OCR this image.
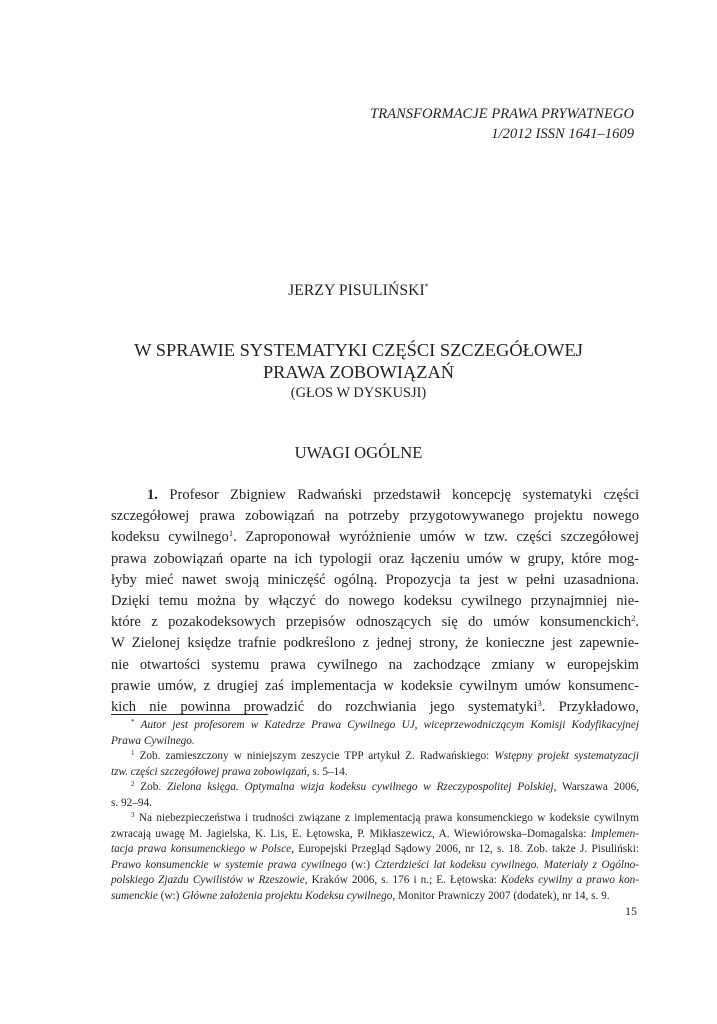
TRANSFORMACJE PRAWA PRYWATNEGO
1/2012 ISSN 1641–1609
JERZY PISULIŃSKI*
W SPRAWIE SYSTEMATYKI CZĘŚCI SZCZEGÓŁOWEJ
PRAWA ZOBOWIĄZAŃ
(GŁOS W DYSKUSJI)
UWAGI OGÓLNE
1. Profesor Zbigniew Radwański przedstawił koncepcję systematyki części
szczegółowej prawa zobowiązań na potrzeby przygotowywanego projektu nowego
kodeksu cywilnego$^1$. Zaproponował wyróżnienie umów w tzw. części szczegółowej
prawa zobowiązań oparte na ich typologii oraz łączeniu umów w grupy, które mog-
łyby mieć nawet swoją miniczęść ogólną. Propozycja ta jest w pełni uzasadniona.
Dzięki temu można by włączyć do nowego kodeksu cywilnego przynajmniej nie-
które z pozakodeksowych przepisów odnoszących się do umów konsumenckich$^2$.
W Zielonej księdze trafnie podkreślono z jednej strony, że konieczne jest zapewnie-
nie otwartości systemu prawa cywilnego na zachodzące zmiany w europejskim
prawie umów, z drugiej zaś implementacja w kodeksie cywilnym umów konsumenc-
kich nie powinna prowadzić do rozchwiania jego systematyki$^3$. Przykładowo,
* Autor jest profesorem w Katedrze Prawa Cywilnego UJ, wiceprzewodniczącym Komisji Kodyfikacyjnej
Prawa Cywilnego.
$^1$ Zob. zamieszczony w niniejszym zeszycie TPP artykuł Z. Radwańskiego: Wstępny projekt systematyzacji
tzw. części szczegółowej prawa zobowiązań, s. 5–14.
$^2$ Zob. Zielona księga. Optymalna wizja kodeksu cywilnego w Rzeczypospolitej Polskiej, Warszawa 2006,
s. 92–94.
$^3$ Na niebezpieczeństwa i trudności związane z implementacją prawa konsumenckiego w kodeksie cywilnym
zwracają uwagę M. Jagielska, K. Lis, E. Łętowska, P. Mikłaszewicz, A. Wiewiórowska–Domagalska: Implemen-
tacja prawa konsumenckiego w Polsce, Europejski Przegląd Sądowy 2006, nr 12, s. 18. Zob. także J. Pisuliński:
Prawo konsumenckie w systemie prawa cywilnego (w:) Czterdzieści lat kodeksu cywilnego. Materiały z Ogólno-
polskiego Zjazdu Cywilistów w Rzeszowie, Kraków 2006, s. 176 i n.; E. Łętowska: Kodeks cywilny a prawo kon-
sumenckie (w:) Główne założenia projektu Kodeksu cywilnego, Monitor Prawniczy 2007 (dodatek), nr 14, s. 9.
15
